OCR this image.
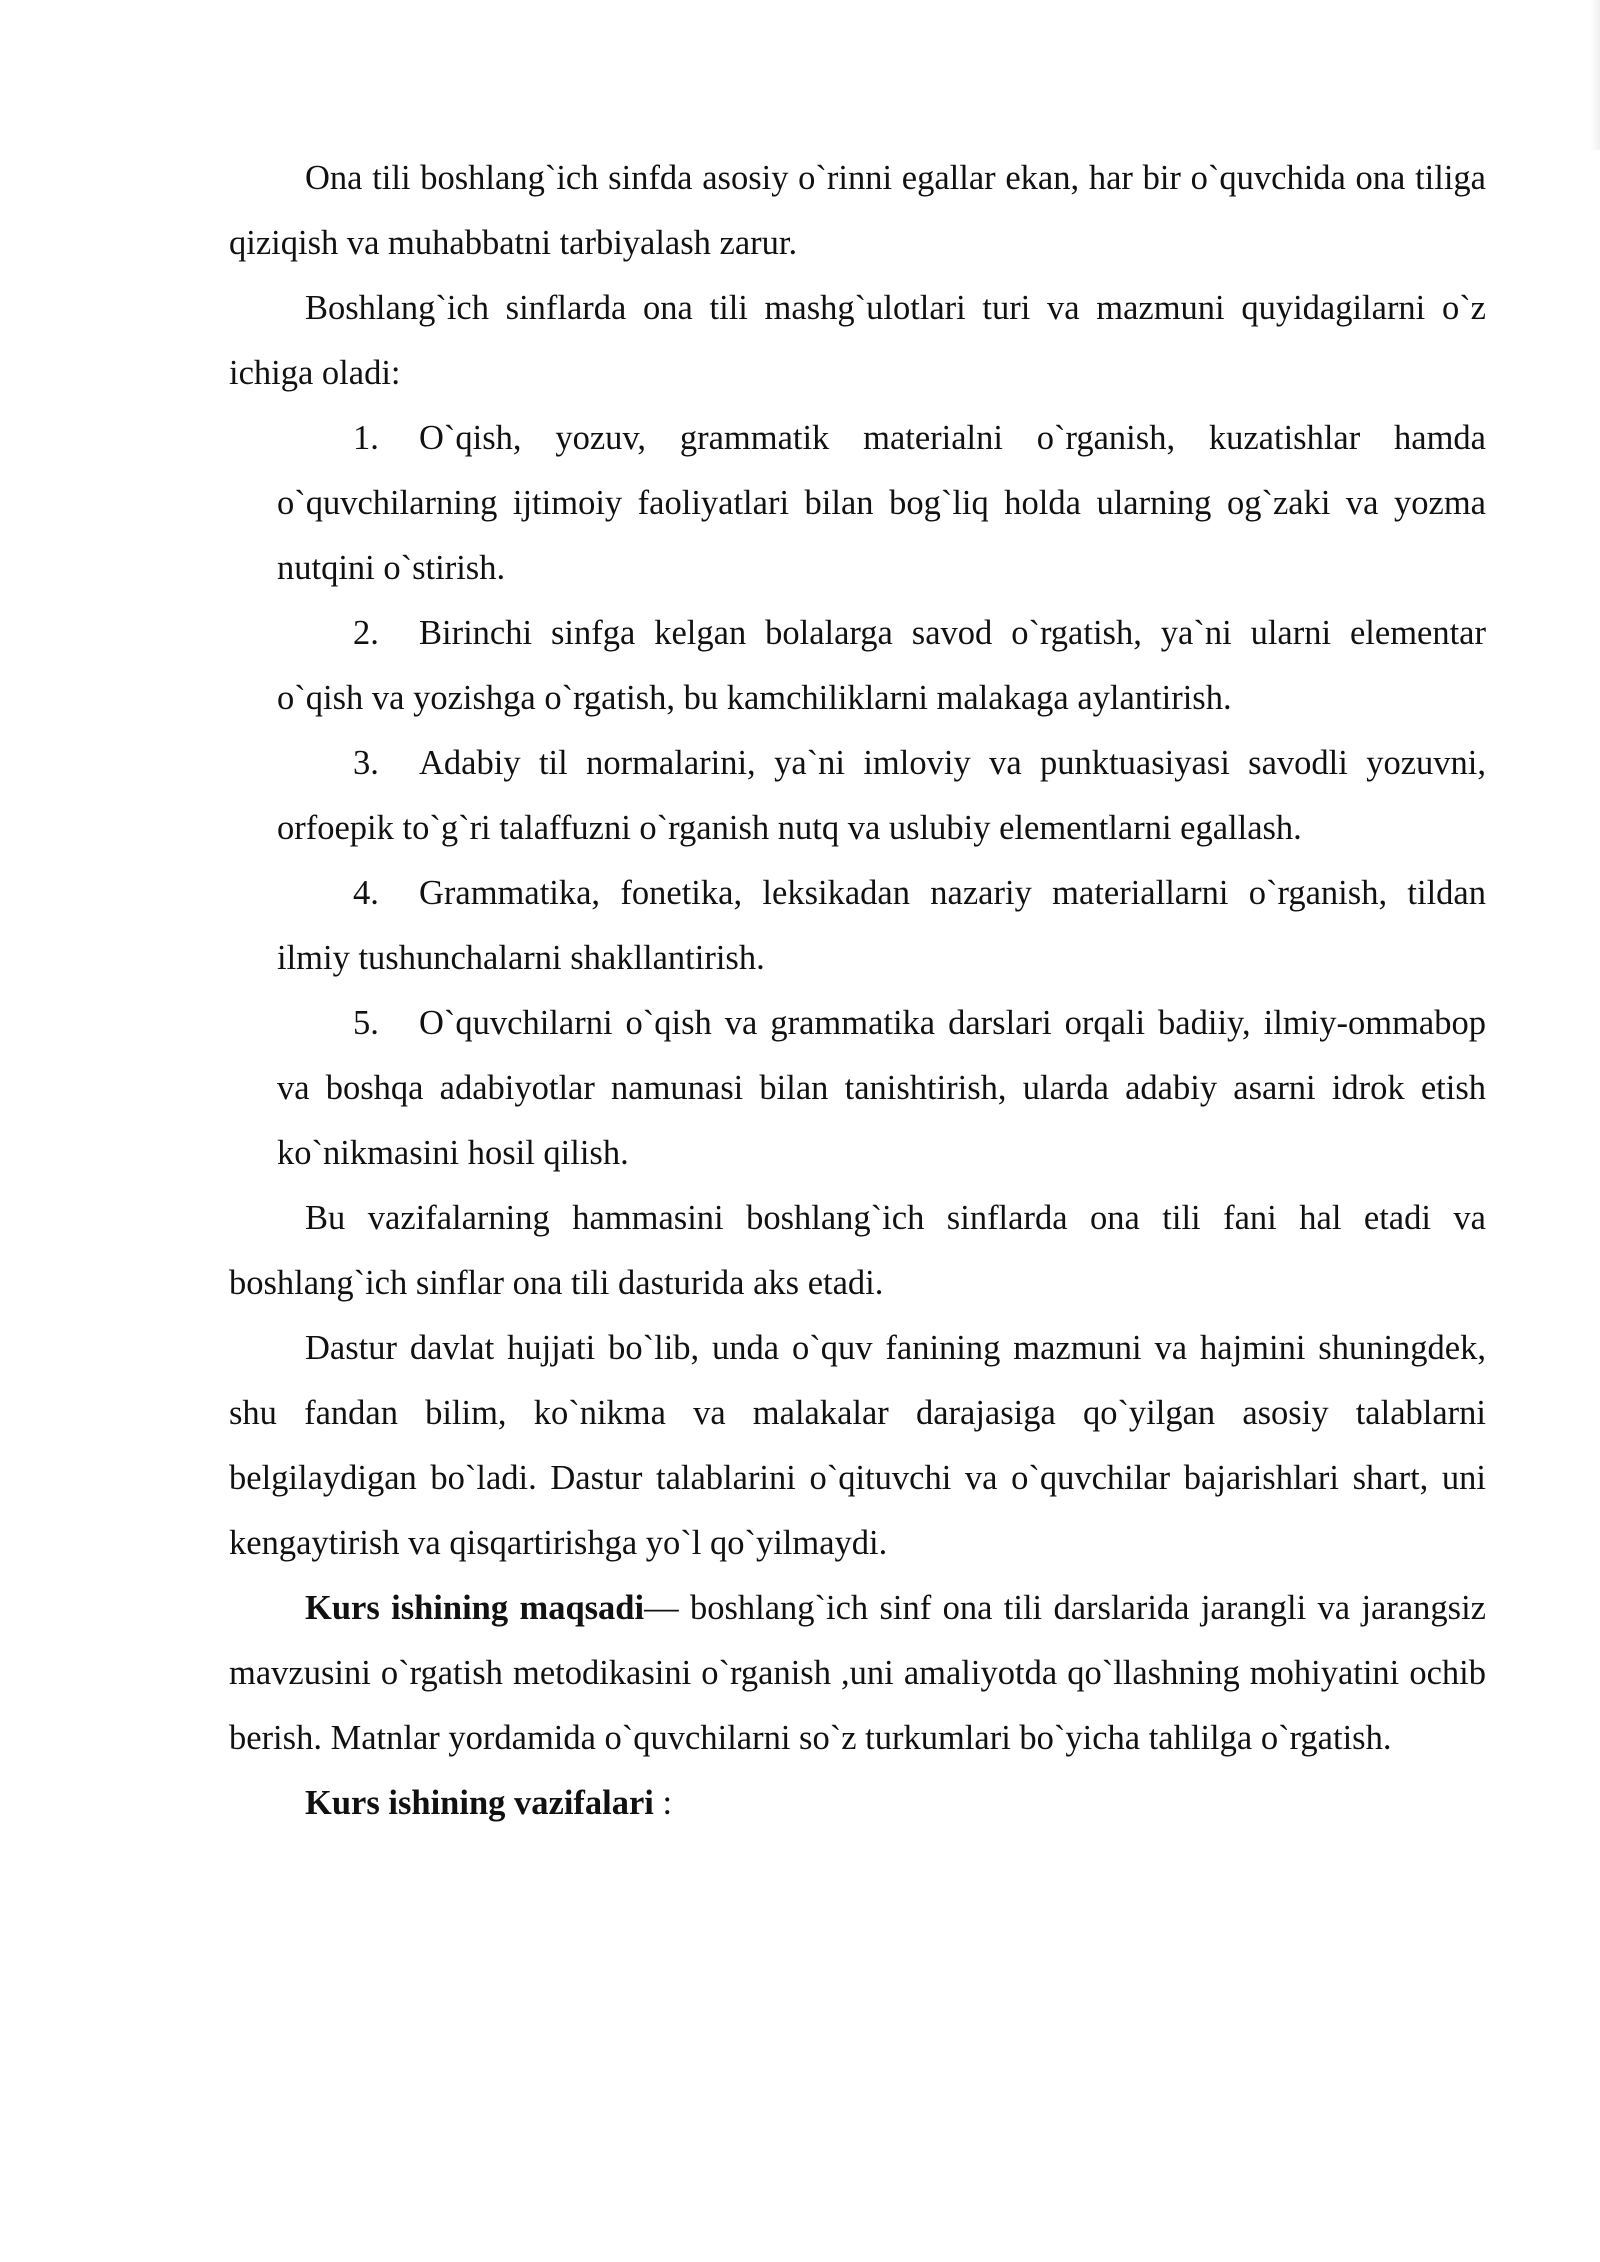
Ona tili boshlang`ich sinfda asosiy o`rinni egallar ekan, har bir o`quvchida ona tiliga qiziqish va muhabbatni tarbiyalash zarur.

Boshlang`ich sinflarda ona tili mashg`ulotlari turi va mazmuni quyidagilarni o`z ichiga oladi:

1. O`qish, yozuv, grammatik materialni o`rganish, kuzatishlar hamda o`quvchilarning ijtimoiy faoliyatlari bilan bog`liq holda ularning og`zaki va yozma nutqini o`stirish.
2. Birinchi sinfga kelgan bolalarga savod o`rgatish, ya`ni ularni elementar o`qish va yozishga o`rgatish, bu kamchiliklarni malakaga aylantirish.
3. Adabiy til normalarini, ya`ni imloviy va punktuasiyasi savodli yozuvni, orfoepik to`g`ri talaffuzni o`rganish nutq va uslubiy elementlarni egallash.
4. Grammatika, fonetika, leksikadan nazariy materiallarni o`rganish, tildan ilmiy tushunchalarni shakllantirish.
5. O`quvchilarni o`qish va grammatika darslari orqali badiiy, ilmiy-ommabop va boshqa adabiyotlar namunasi bilan tanishtirish, ularda adabiy asarni idrok etish ko`nikmasini hosil qilish.

Bu vazifalarning hammasini boshlang`ich sinflarda ona tili fani hal etadi va boshlang`ich sinflar ona tili dasturida aks etadi.

Dastur davlat hujjati bo`lib, unda o`quv fanining mazmuni va hajmini shuningdek, shu fandan bilim, ko`nikma va malakalar darajasiga qo`yilgan asosiy talablarni belgilaydigan bo`ladi. Dastur talablarini o`qituvchi va o`quvchilar bajarishlari shart, uni kengaytirish va qisqartirishga yo`l qo`yilmaydi.

Kurs ishining maqsadi— boshlang`ich sinf ona tili darslarida jarangli va jarangsiz mavzusini o`rgatish metodikasini o`rganish ,uni amaliyotda qo`llashning mohiyatini ochib berish. Matnlar yordamida o`quvchilarni so`z turkumlari bo`yicha tahlilga o`rgatish.

Kurs ishining vazifalari :
